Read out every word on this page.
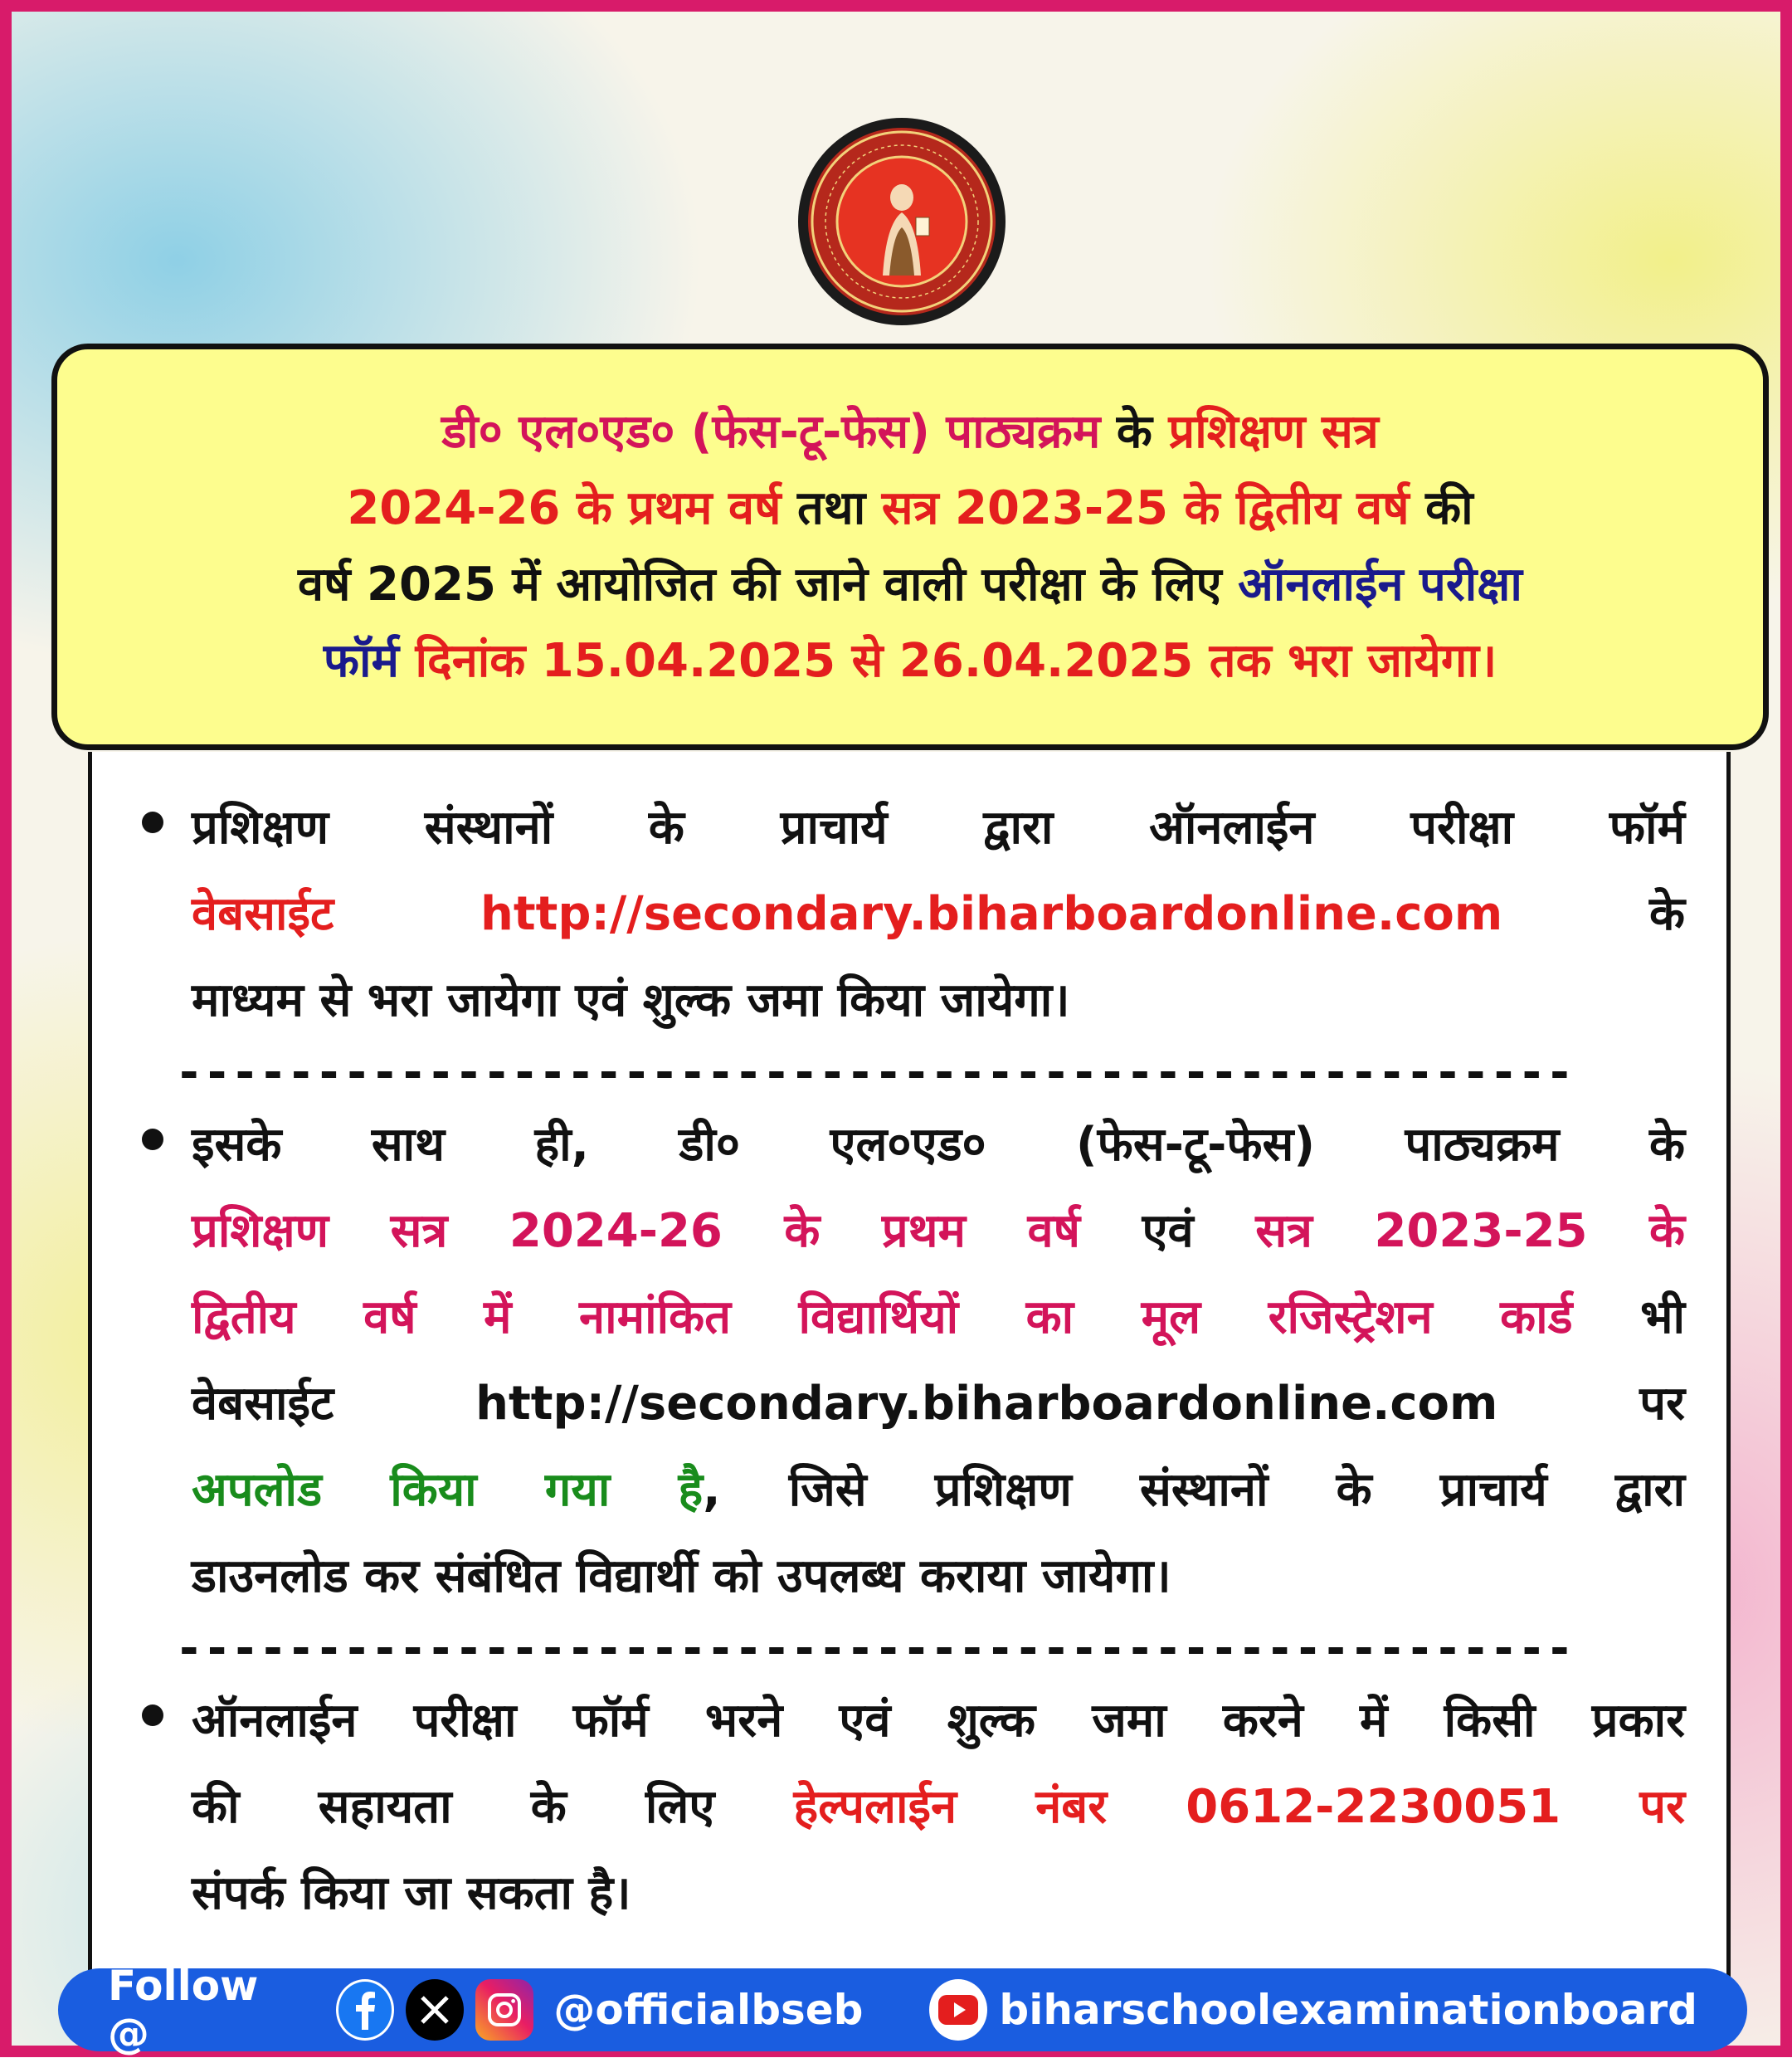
डी० एल०एड० (फेस-टू-फेस) पाठ्यक्रम के प्रशिक्षण सत्र
2024-26 के प्रथम वर्ष तथा सत्र 2023-25 के द्वितीय वर्ष की
वर्ष 2025 में आयोजित की जाने वाली परीक्षा के लिए ऑनलाईन परीक्षा
फॉर्म दिनांक 15.04.2025 से 26.04.2025 तक भरा जायेगा।
प्रशिक्षण संस्थानों के प्राचार्य द्वारा ऑनलाईन परीक्षा फॉर्म
वेबसाईट http://secondary.biharboardonline.com के
माध्यम से भरा जायेगा एवं शुल्क जमा किया जायेगा।
--------------------------------------------------
इसके साथ ही, डी० एल०एड० (फेस-टू-फेस) पाठ्यक्रम के
प्रशिक्षण सत्र 2024-26 के प्रथम वर्ष एवं सत्र 2023-25 के
द्वितीय वर्ष में नामांकित विद्यार्थियों का मूल रजिस्ट्रेशन कार्ड भी
वेबसाईट http://secondary.biharboardonline.com पर
अपलोड किया गया है, जिसे प्रशिक्षण संस्थानों के प्राचार्य द्वारा
डाउनलोड कर संबंधित विद्यार्थी को उपलब्ध कराया जायेगा।
--------------------------------------------------
ऑनलाईन परीक्षा फॉर्म भरने एवं शुल्क जमा करने में किसी प्रकार
की सहायता के लिए हेल्पलाईन नंबर 0612-2230051 पर
संपर्क किया जा सकता है।
Follow @	@officialbseb	biharschoolexaminationboard
